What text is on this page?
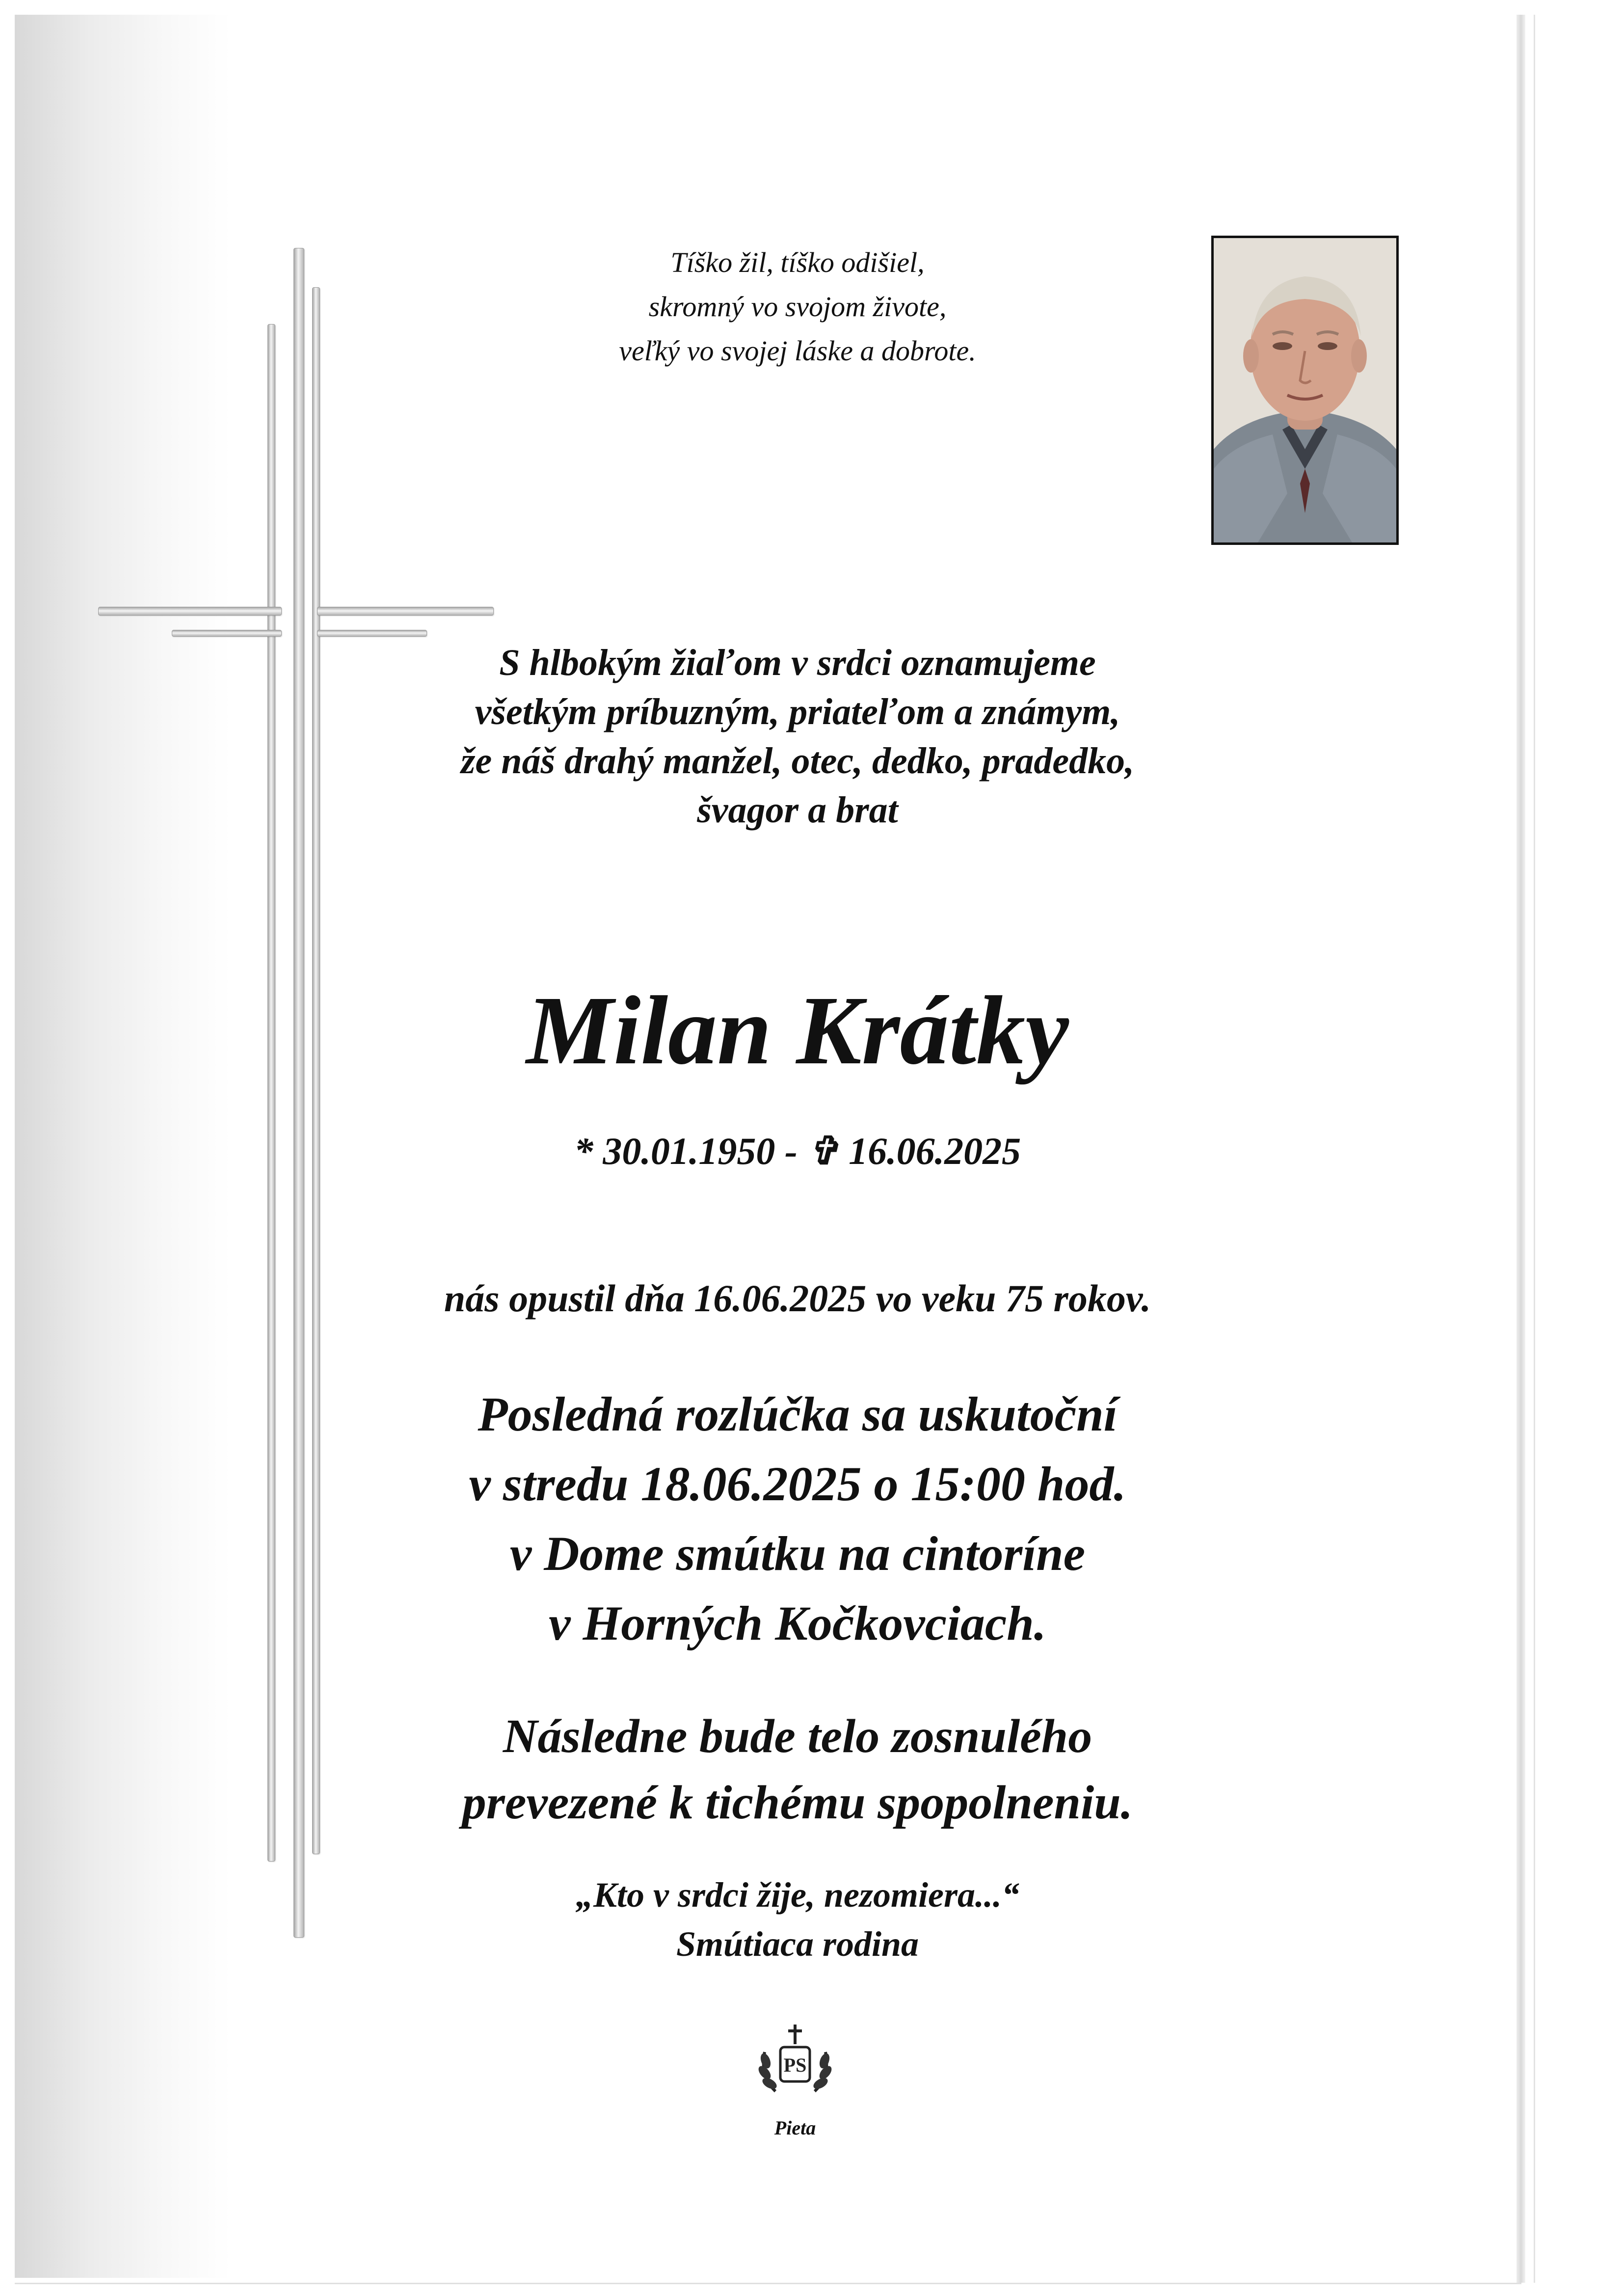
Tíško žil, tíško odišiel,
skromný vo svojom živote,
veľký vo svojej láske a dobrote.
S hlbokým žiaľom v srdci oznamujeme
všetkým príbuzným, priateľom a známym,
že náš drahý manžel, otec, dedko, pradedko,
švagor a brat
Milan Krátky
* 30.01.1950 - ✞ 16.06.2025
nás opustil dňa 16.06.2025 vo veku 75 rokov.
Posledná rozlúčka sa uskutoční
v stredu 18.06.2025 o 15:00 hod.
v Dome smútku na cintoríne
v Horných Kočkovciach.
Následne bude telo zosnulého
prevezené k tichému spopolneniu.
„Kto v srdci žije, nezomiera...“
Smútiaca rodina
PS
Pieta
